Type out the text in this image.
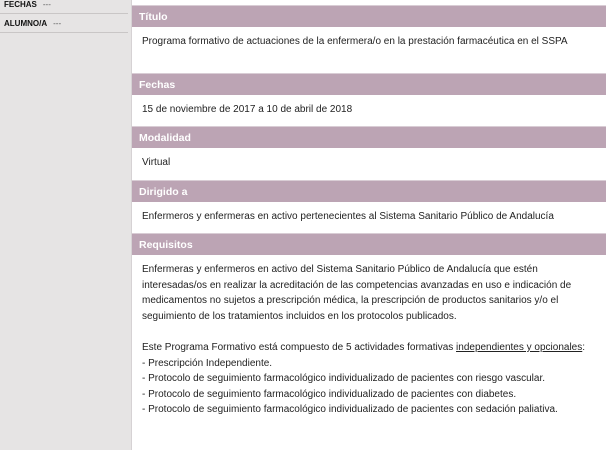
FECHAS ---
ALUMNO/A ---
Título
Programa formativo de actuaciones de la enfermera/o en la prestación farmacéutica en el SSPA
Fechas
15 de noviembre de 2017 a 10 de abril de 2018
Modalidad
Virtual
Dirigido a
Enfermeros y enfermeras en activo pertenecientes al Sistema Sanitario Público de Andalucía
Requisitos
Enfermeras y enfermeros en activo del Sistema Sanitario Público de Andalucía que estén interesadas/os en realizar la acreditación de las competencias avanzadas en uso e indicación de medicamentos no sujetos a prescripción médica, la prescripción de productos sanitarios y/o el seguimiento de los tratamientos incluidos en los protocolos publicados.
Este Programa Formativo está compuesto de 5 actividades formativas independientes y opcionales:
- Prescripción Independiente.
- Protocolo de seguimiento farmacológico individualizado de pacientes con riesgo vascular.
- Protocolo de seguimiento farmacológico individualizado de pacientes con diabetes.
- Protocolo de seguimiento farmacológico individualizado de pacientes con sedación paliativa.
